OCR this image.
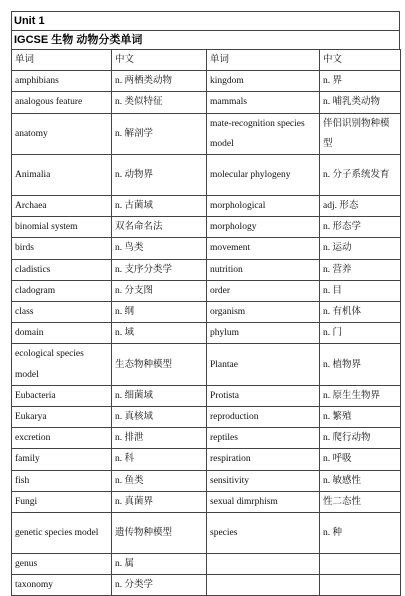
Unit 1
IGCSE 生物 动物分类单词
单词	中文	单词	中文
amphibians	n. 两栖类动物	kingdom	n. 界
analogous feature	n. 类似特征	mammals	n. 哺乳类动物
anatomy	n. 解剖学	mate-recognition species model	伴侣识别物种模型
Animalia	n. 动物界	molecular phylogeny	n. 分子系统发育
Archaea	n. 古菌域	morphological	adj. 形态
binomial system	双名命名法	morphology	n. 形态学
birds	n. 鸟类	movement	n. 运动
cladistics	n. 支序分类学	nutrition	n. 营养
cladogram	n. 分支图	order	n. 目
class	n. 纲	organism	n. 有机体
domain	n. 域	phylum	n. 门
ecological species model	生态物种模型	Plantae	n. 植物界
Eubacteria	n. 细菌域	Protista	n. 原生生物界
Eukarya	n. 真核域	reproduction	n. 繁殖
excretion	n. 排泄	reptiles	n. 爬行动物
family	n. 科	respiration	n. 呼吸
fish	n. 鱼类	sensitivity	n. 敏感性
Fungi	n. 真菌界	sexual dimrphism	性二态性
genetic species model	遗传物种模型	species	n. 种
genus	n. 属		
taxonomy	n. 分类学		
